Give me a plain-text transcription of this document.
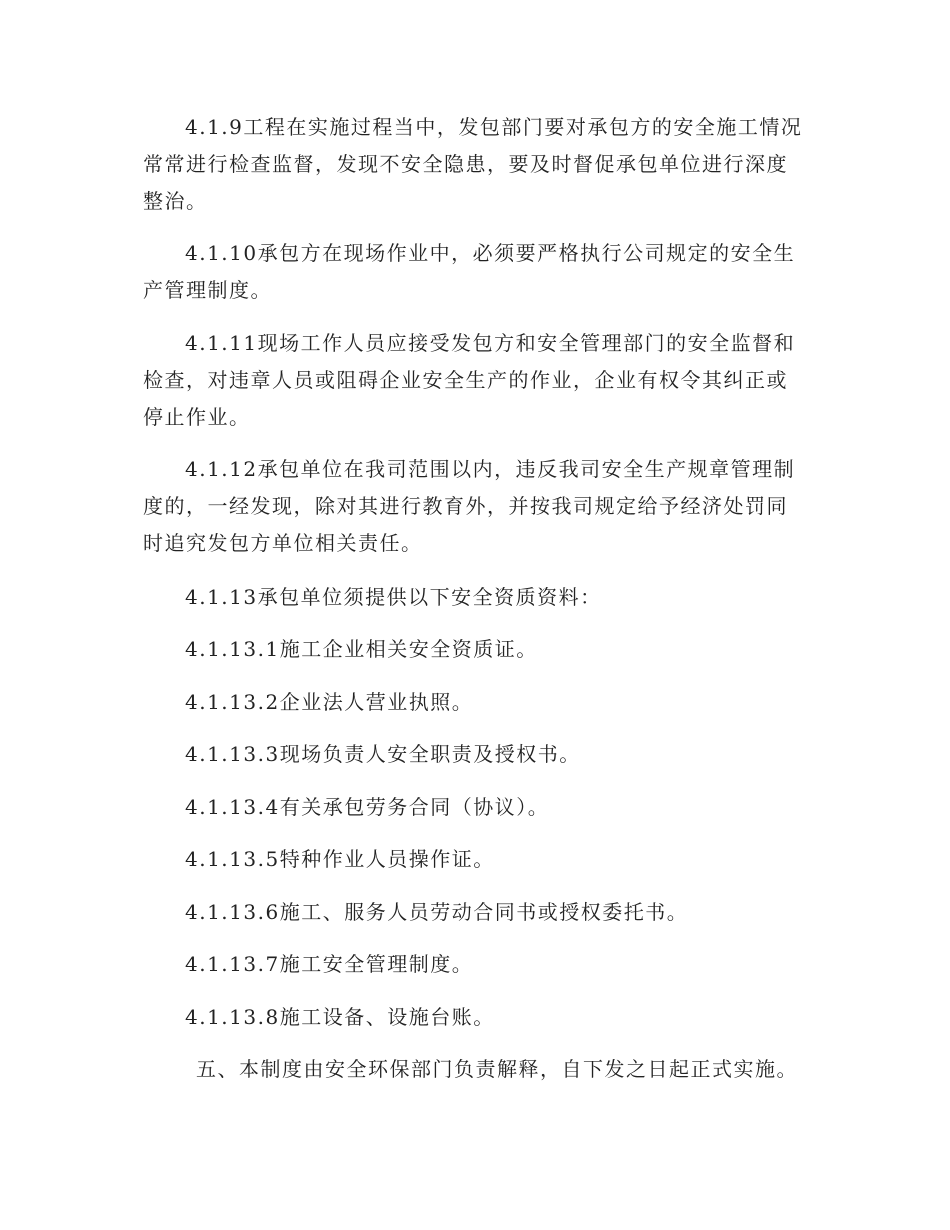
4.1.9工程在实施过程当中，发包部门要对承包方的安全施工情况常常进行检查监督，发现不安全隐患，要及时督促承包单位进行深度整治。

4.1.10承包方在现场作业中，必须要严格执行公司规定的安全生产管理制度。

4.1.11现场工作人员应接受发包方和安全管理部门的安全监督和检查，对违章人员或阻碍企业安全生产的作业，企业有权令其纠正或停止作业。

4.1.12承包单位在我司范围以内，违反我司安全生产规章管理制度的，一经发现，除对其进行教育外，并按我司规定给予经济处罚同时追究发包方单位相关责任。

4.1.13承包单位须提供以下安全资质资料：

4.1.13.1施工企业相关安全资质证。

4.1.13.2企业法人营业执照。

4.1.13.3现场负责人安全职责及授权书。

4.1.13.4有关承包劳务合同（协议）。

4.1.13.5特种作业人员操作证。

4.1.13.6施工、服务人员劳动合同书或授权委托书。

4.1.13.7施工安全管理制度。

4.1.13.8施工设备、设施台账。

五、本制度由安全环保部门负责解释，自下发之日起正式实施。
